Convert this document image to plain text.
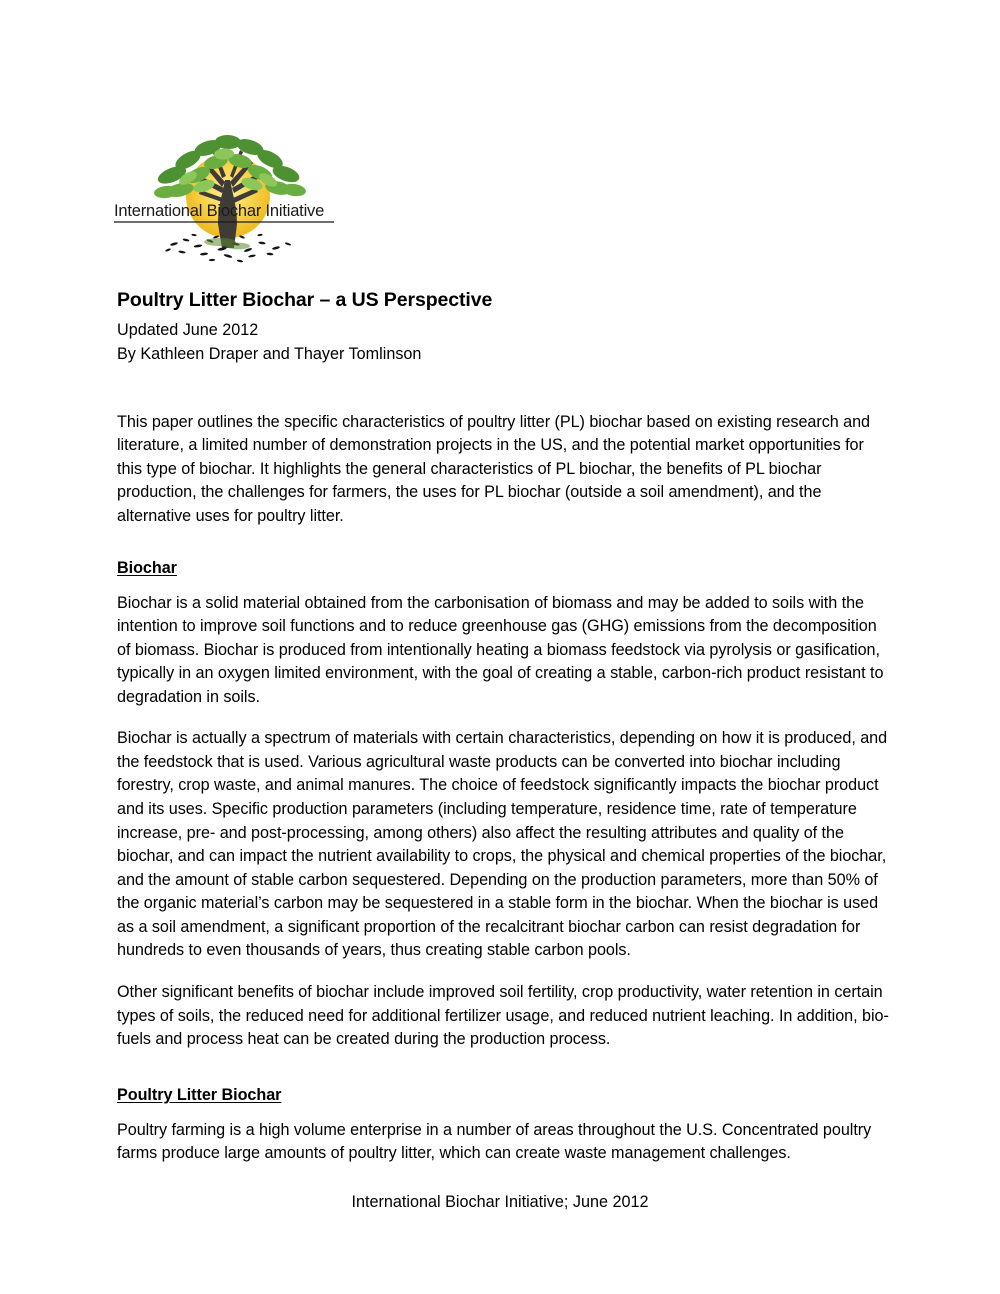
International Biochar Initiative
Poultry Litter Biochar – a US Perspective
Updated June 2012
By Kathleen Draper and Thayer Tomlinson

This paper outlines the specific characteristics of poultry litter (PL) biochar based on existing research and literature, a limited number of demonstration projects in the US, and the potential market opportunities for this type of biochar. It highlights the general characteristics of PL biochar, the benefits of PL biochar production, the challenges for farmers, the uses for PL biochar (outside a soil amendment), and the alternative uses for poultry litter.

Biochar

Biochar is a solid material obtained from the carbonisation of biomass and may be added to soils with the intention to improve soil functions and to reduce greenhouse gas (GHG) emissions from the decomposition of biomass. Biochar is produced from intentionally heating a biomass feedstock via pyrolysis or gasification, typically in an oxygen limited environment, with the goal of creating a stable, carbon-rich product resistant to degradation in soils.

Biochar is actually a spectrum of materials with certain characteristics, depending on how it is produced, and the feedstock that is used. Various agricultural waste products can be converted into biochar including forestry, crop waste, and animal manures. The choice of feedstock significantly impacts the biochar product and its uses. Specific production parameters (including temperature, residence time, rate of temperature increase, pre- and post-processing, among others) also affect the resulting attributes and quality of the biochar, and can impact the nutrient availability to crops, the physical and chemical properties of the biochar, and the amount of stable carbon sequestered. Depending on the production parameters, more than 50% of the organic material’s carbon may be sequestered in a stable form in the biochar. When the biochar is used as a soil amendment, a significant proportion of the recalcitrant biochar carbon can resist degradation for hundreds to even thousands of years, thus creating stable carbon pools.

Other significant benefits of biochar include improved soil fertility, crop productivity, water retention in certain types of soils, the reduced need for additional fertilizer usage, and reduced nutrient leaching. In addition, bio-fuels and process heat can be created during the production process.

Poultry Litter Biochar

Poultry farming is a high volume enterprise in a number of areas throughout the U.S. Concentrated poultry farms produce large amounts of poultry litter, which can create waste management challenges.

International Biochar Initiative; June 2012
